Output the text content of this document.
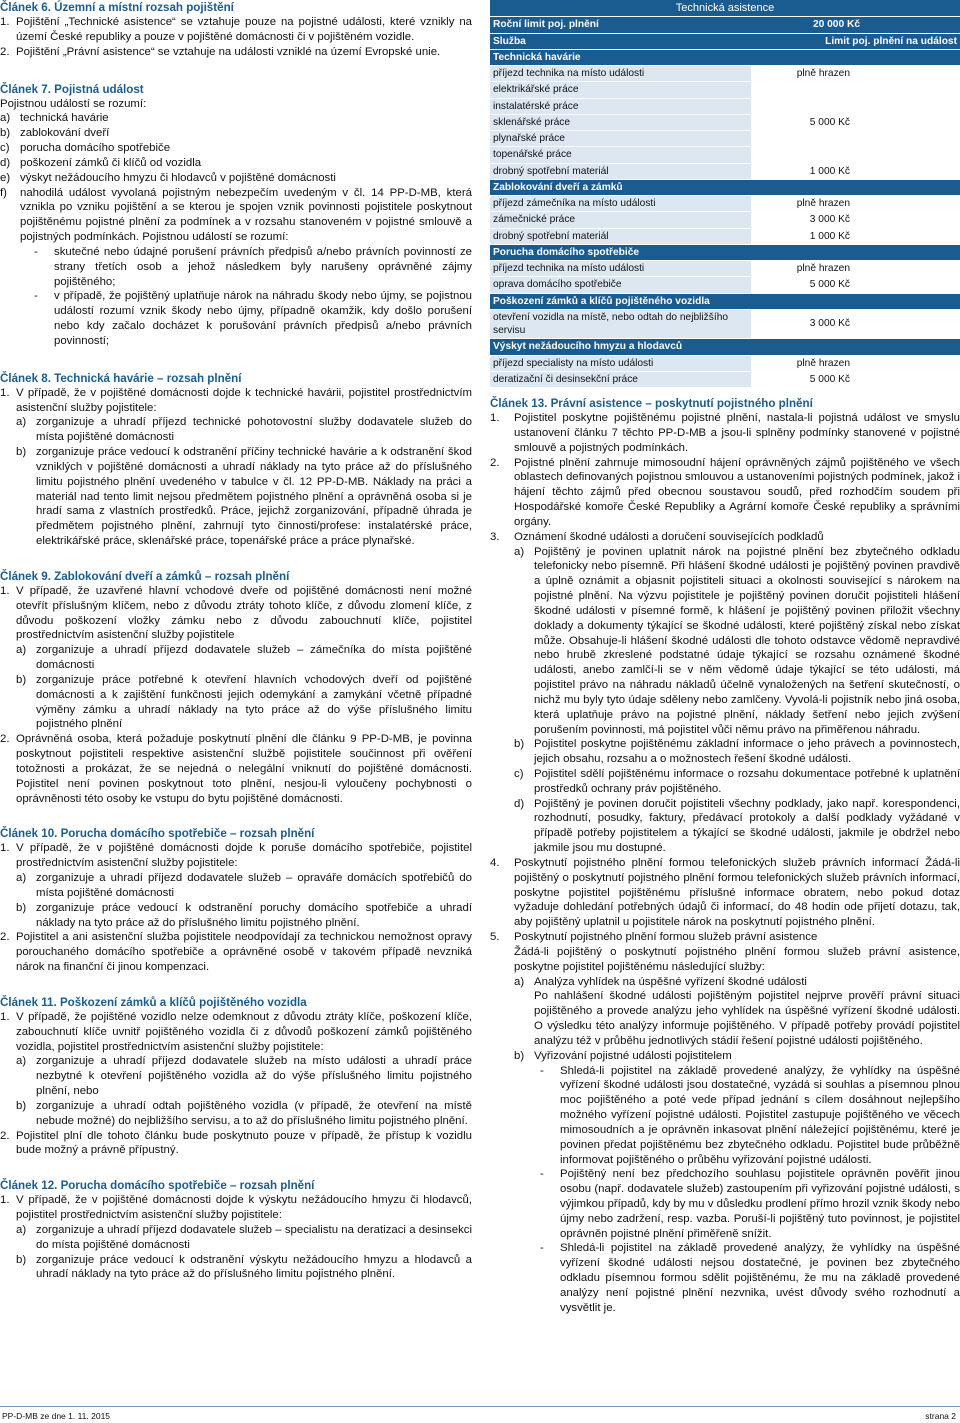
Článek 6. Územní a místní rozsah pojištění
1. Pojištění „Technické asistence“ se vztahuje pouze na pojistné události, které vznikly na území České republiky a pouze v pojištěné domácnosti či v pojištěném vozidle.
2. Pojištění „Právní asistence“ se vztahuje na události vzniklé na území Evropské unie.
Článek 7. Pojistná událost

Pojistnou událostí se rozumí:

a) technická havárie
b) zablokování dveří
c) porucha domácího spotřebiče
d) poškození zámků či klíčů od vozidla
e) výskyt nežádoucího hmyzu či hlodavců v pojištěné domácnosti
f) nahodilá událost vyvolaná pojistným nebezpečím uvedeným v čl. 14 PP-D-MB, která vznikla po vzniku pojištění a se kterou je spojen vznik povinnosti pojistitele poskytnout pojištěnému pojistné plnění za podmínek a v rozsahu stanoveném v pojistné smlouvě a pojistných podmínkách. Pojistnou událostí se rozumí:
- skutečné nebo údajné porušení právních předpisů a/nebo právních povinností ze strany třetích osob a jehož následkem byly narušeny oprávněné zájmy pojištěného;
- v případě, že pojištěný uplatňuje nárok na náhradu škody nebo újmy, se pojistnou událostí rozumí vznik škody nebo újmy, případně okamžik, kdy došlo porušení nebo kdy začalo docházet k porušování právních předpisů a/nebo právních povinností;
Článek 8. Technická havárie – rozsah plnění
1. V případě, že v pojištěné domácnosti dojde k technické havárii, pojistitel prostřednictvím asistenční služby pojistitele:
a) zorganizuje a uhradí příjezd technické pohotovostní služby dodavatele služeb do místa pojištěné domácnosti
b) zorganizuje práce vedoucí k odstranění příčiny technické havárie a k odstranění škod vzniklých v pojištěné domácnosti a uhradí náklady na tyto práce až do příslušného limitu pojistného plnění uvedeného v tabulce v čl. 12 PP-D-MB. Náklady na práci a materiál nad tento limit nejsou předmětem pojistného plnění a oprávněná osoba si je hradí sama z vlastních prostředků. Práce, jejichž zorganizování, případně úhrada je předmětem pojistného plnění, zahrnují tyto činnosti/profese: instalatérské práce, elektrikářské práce, sklenářské práce, topenářské práce a práce plynařské.
Článek 9. Zablokování dveří a zámků – rozsah plnění
1. V případě, že uzavřené hlavní vchodové dveře od pojištěné domácnosti není možné otevřít příslušným klíčem, nebo z důvodu ztráty tohoto klíče, z důvodu zlomení klíče, z důvodu poškození vložky zámku nebo z důvodu zabouchnutí klíče, pojistitel prostřednictvím asistenční služby pojistitele
a) zorganizuje a uhradí příjezd dodavatele služeb – zámečníka do místa pojištěné domácnosti
b) zorganizuje práce potřebné k otevření hlavních vchodových dveří od pojištěné domácnosti a k zajištění funkčnosti jejich odemykání a zamykání včetně případné výměny zámku a uhradí náklady na tyto práce až do výše příslušného limitu pojistného plnění
2. Oprávněná osoba, která požaduje poskytnutí plnění dle článku 9 PP-D-MB, je povinna poskytnout pojistiteli respektive asistenční službě pojistitele součinnost při ověření totožnosti a prokázat, že se nejedná o nelegální vniknutí do pojištěné domácnosti. Pojistitel není povinen poskytnout toto plnění, nesjou-li vyloučeny pochybnosti o oprávněnosti této osoby ke vstupu do bytu pojištěné domácnosti.
Článek 10. Porucha domácího spotřebiče – rozsah plnění
1. V případě, že v pojištěné domácnosti dojde k poruše domácího spotřebiče, pojistitel prostřednictvím asistenční služby pojistitele:
a) zorganizuje a uhradí příjezd dodavatele služeb – opraváře domácích spotřebičů do místa pojištěné domácnosti
b) zorganizuje práce vedoucí k odstranění poruchy domácího spotřebiče a uhradí náklady na tyto práce až do příslušného limitu pojistného plnění.
2. Pojistitel a ani asistenční služba pojistitele neodpovídají za technickou nemožnost opravy porouchaného domácího spotřebiče a oprávněné osobě v takovém případě nevzniká nárok na finanční či jinou kompenzaci.
Článek 11. Poškození zámků a klíčů pojištěného vozidla
1. V případě, že pojištěné vozidlo nelze odemknout z důvodu ztráty klíče, poškození klíče, zabouchnutí klíče uvnitř pojištěného vozidla či z důvodů poškození zámků pojištěného vozidla, pojistitel prostřednictvím asistenční služby pojistitele:
a) zorganizuje a uhradí příjezd dodavatele služeb na místo události a uhradí práce nezbytné k otevření pojištěného vozidla až do výše příslušného limitu pojistného plnění, nebo
b) zorganizuje a uhradí odtah pojištěného vozidla (v případě, že otevření na místě nebude možné) do nejbližšího servisu, a to až do příslušného limitu pojistného plnění.
2. Pojistitel plní dle tohoto článku bude poskytnuto pouze v případě, že přístup k vozidlu bude možný a právně přípustný.
Článek 12. Porucha domácího spotřebiče – rozsah plnění
1. V případě, že v pojištěné domácnosti dojde k výskytu nežádoucího hmyzu či hlodavců, pojistitel prostřednictvím asistenční služby pojistitele:
a) zorganizuje a uhradí příjezd dodavatele služeb – specialistu na deratizaci a desinsekci do místa pojištěné domácnosti
b) zorganizuje práce vedoucí k odstranění výskytu nežádoucího hmyzu a hlodavců a uhradí náklady na tyto práce až do příslušného limitu pojistného plnění.
Technická asistence	
Roční limit poj. plnění	20 000 Kč
Služba	Limit poj. plnění na událost
Technická havárie	
příjezd technika na místo události	plně hrazen
elektrikářské práce	
instalatérské práce	
sklenářské práce	5 000 Kč
plynařské práce	
topenářské práce	
drobný spotřební materiál	1 000 Kč
Zablokování dveří a zámků	
příjezd zámečníka na místo události	plně hrazen
zámečnické práce	3 000 Kč
drobný spotřební materiál	1 000 Kč
Porucha domácího spotřebiče	
příjezd technika na místo události	plně hrazen
oprava domácího spotřebiče	5 000 Kč
Poškození zámků a klíčů pojištěného vozidla	
otevření vozidla na místě, nebo odtah do nejbližšího servisu	3 000 Kč
Výskyt nežádoucího hmyzu a hlodavců	
příjezd specialisty na místo události	plně hrazen
deratizační či desinsekční práce	5 000 Kč
Článek 13. Právní asistence – poskytnutí pojistného plnění
1. Pojistitel poskytne pojištěnému pojistné plnění, nastala-li pojistná událost ve smyslu ustanovení článku 7 těchto PP-D-MB a jsou-li splněny podmínky stanovené v pojistné smlouvě a pojistných podmínkách.
2. Pojistné plnění zahrnuje mimosoudní hájení oprávněných zájmů pojištěného ve všech oblastech definovaných pojistnou smlouvou a ustanoveními pojistných podmínek, jakož i hájení těchto zájmů před obecnou soustavou soudů, před rozhodčím soudem při Hospodářské komoře České Republiky a Agrární komoře České republiky a správními orgány.
3. Oznámení škodné události a doručení souvisejících podkladů
a) Pojištěný je povinen uplatnit nárok na pojistné plnění bez zbytečného odkladu telefonicky nebo písemně. Při hlášení škodné události je pojištěný povinen pravdivě a úplně oznámit a objasnit pojistiteli situaci a okolnosti související s nárokem na pojistné plnění. Na výzvu pojistitele je pojištěný povinen doručit pojistiteli hlášení škodné události v písemné formě, k hlášení je pojištěný povinen přiložit všechny doklady a dokumenty týkající se škodné události, které pojištěný získal nebo získat může. Obsahuje-li hlášení škodné události dle tohoto odstavce vědomě nepravdivé nebo hrubě zkreslené podstatné údaje týkající se rozsahu oznámené škodné události, anebo zamlčí-li se v něm vědomě údaje týkající se této události, má pojistitel právo na náhradu nákladů účelně vynaložených na šetření skutečností, o nichž mu byly tyto údaje sděleny nebo zamlčeny. Vyvolá-li pojistník nebo jiná osoba, která uplatňuje právo na pojistné plnění, náklady šetření nebo jejich zvýšení porušením povinnosti, má pojistitel vůči němu právo na přiměřenou náhradu.
b) Pojistitel poskytne pojištěnému základní informace o jeho právech a povinnostech, jejich obsahu, rozsahu a o možnostech řešení škodné události.
c) Pojistitel sdělí pojištěnému informace o rozsahu dokumentace potřebné k uplatnění prostředků ochrany práv pojištěného.
d) Pojištěný je povinen doručit pojistiteli všechny podklady, jako např. korespondenci, rozhodnutí, posudky, faktury, předávací protokoly a další podklady vyžádané v případě potřeby pojistitelem a týkající se škodné události, jakmile je obdržel nebo jakmile jsou mu dostupné.
4. Poskytnutí pojistného plnění formou telefonických služeb právních informací Žádá-li pojištěný o poskytnutí pojistného plnění formou telefonických služeb právních informací, poskytne pojistitel pojištěnému příslušné informace obratem, nebo pokud dotaz vyžaduje dohledání potřebných údajů či informací, do 48 hodin ode přijetí dotazu, tak, aby pojištěný uplatnil u pojistitele nárok na poskytnutí pojistného plnění.
5. Poskytnutí pojistného plnění formou služeb právní asistence
Žádá-li pojištěný o poskytnutí pojistného plnění formou služeb právní asistence, poskytne pojistitel pojištěnému následující služby:
a) Analýza vyhlídek na úspěšné vyřízení škodné události
Po nahlášení škodné události pojištěným pojistitel nejprve prověří právní situaci pojištěného a provede analýzu jeho vyhlídek na úspěšné vyřízení škodné události. O výsledku této analýzy informuje pojištěného. V případě potřeby provádí pojistitel analýzu též v průběhu jednotlivých stádií řešení pojistné události pojištěného.
b) Vyřizování pojistné události pojistitelem
- Shledá-li pojistitel na základě provedené analýzy, že vyhlídky na úspěšné vyřízení škodné události jsou dostatečné, vyzádá si souhlas a písemnou plnou moc pojištěného a poté vede případ jednání s cílem dosáhnout nejlepšího možného vyřízení pojistné události. Pojistitel zastupuje pojištěného ve věcech mimosoudních a je oprávněn inkasovat plnění náležející pojištěnému, které je povinen předat pojištěnému bez zbytečného odkladu. Pojistitel bude průběžně informovat pojištěného o průběhu vyřizování pojistné události.
- Pojištěný není bez předchozího souhlasu pojistitele oprávněn pověřit jinou osobu (např. dodavatele služeb) zastoupením při vyřizování pojistné události, s výjimkou případů, kdy by mu v důsledku prodlení přímo hrozil vznik škody nebo újmy nebo zadržení, resp. vazba. Poruší-li pojištěný tuto povinnost, je pojistitel oprávněn pojistné plnění přiměřeně snížit.
- Shledá-li pojistitel na základě provedené analýzy, že vyhlídky na úspěšné vyřízení škodné události nejsou dostatečné, je povinen bez zbytečného odkladu písemnou formou sdělit pojištěnému, že mu na základě provedené analýzy není pojistné plnění nezvnika, uvést důvody svého rozhodnutí a vysvětlit je.
PP-D-MB ze dne 1. 11. 2015	strana 2
